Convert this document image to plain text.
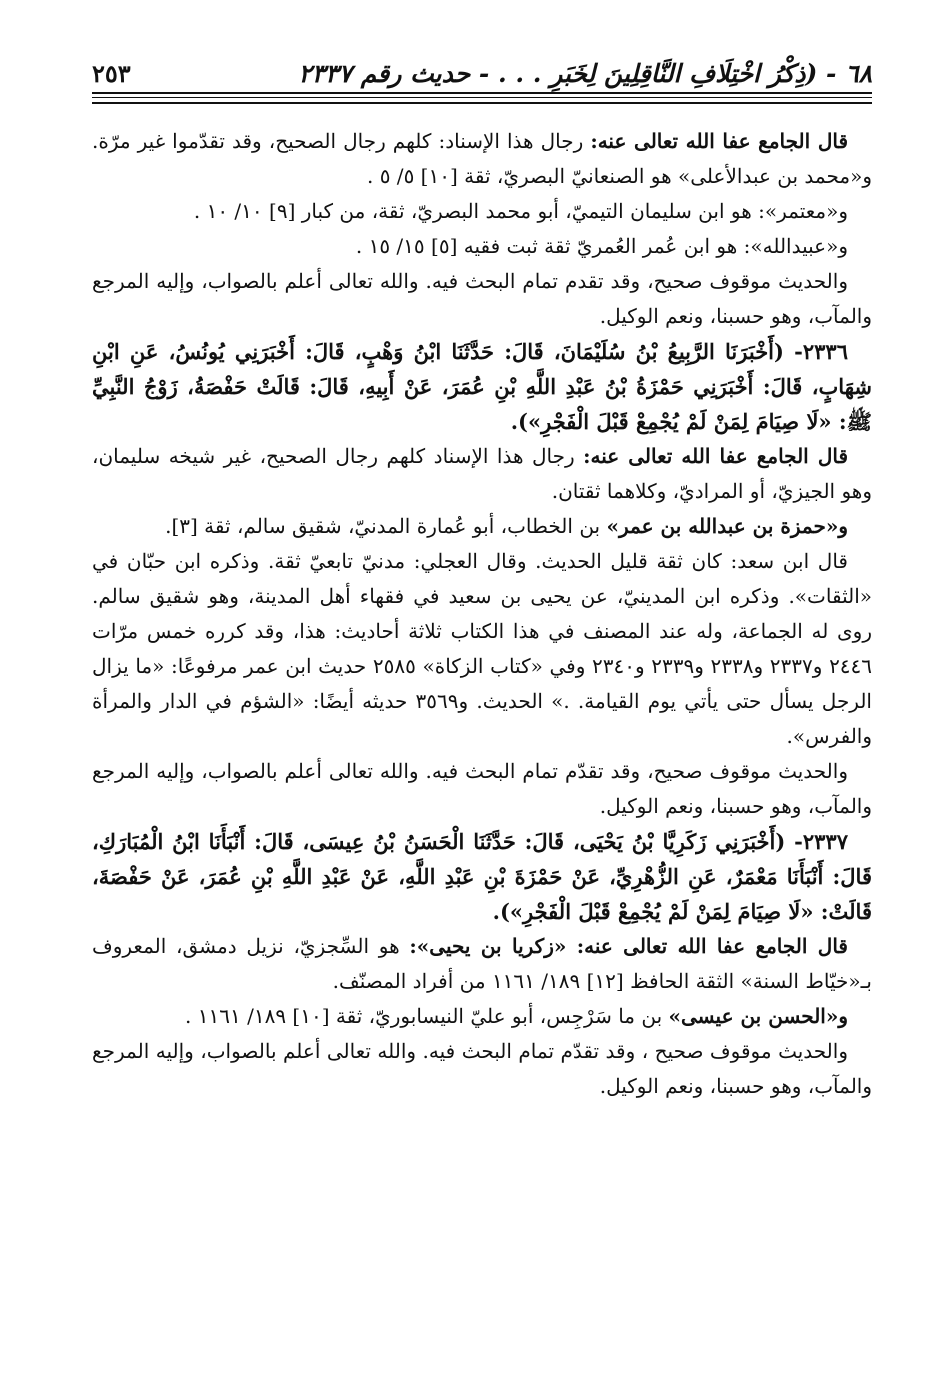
٦٨ - (ذِكْرُ اخْتِلَافِ النَّاقِلِينَ لِخَبَرِ . . . - حديث رقم ٢٣٣٧
٢٥٣

قال الجامع عفا الله تعالى عنه: رجال هذا الإسناد: كلهم رجال الصحيح، وقد تقدّموا غير مرّة. و«محمد بن عبدالأعلى» هو الصنعانيّ البصريّ، ثقة [١٠] ٥/ ٥ .

و«معتمر»: هو ابن سليمان التيميّ، أبو محمد البصريّ، ثقة، من كبار [٩] ١٠/ ١٠ .

و«عبيدالله»: هو ابن عُمر العُمريّ ثقة ثبت فقيه [٥] ١٥/ ١٥ .

والحديث موقوف صحيح، وقد تقدم تمام البحث فيه. والله تعالى أعلم بالصواب، وإليه المرجع والمآب، وهو حسبنا، ونعم الوكيل.

٢٣٣٦- (أَخْبَرَنَا الرَّبِيعُ بْنُ سُلَيْمَانَ، قَالَ: حَدَّثَنَا ابْنُ وَهْبٍ، قَالَ: أَخْبَرَنِي يُونُسُ، عَنِ ابْنِ شِهَابٍ، قَالَ: أَخْبَرَنِي حَمْزَةُ بْنُ عَبْدِ اللَّهِ بْنِ عُمَرَ، عَنْ أَبِيهِ، قَالَ: قَالَتْ حَفْصَةُ، زَوْجُ النَّبِيِّ ﷺ: «لَا صِيَامَ لِمَنْ لَمْ يُجْمِعْ قَبْلَ الْفَجْرِ»).

قال الجامع عفا الله تعالى عنه: رجال هذا الإسناد كلهم رجال الصحيح، غير شيخه سليمان، وهو الجيزيّ، أو المراديّ، وكلاهما ثقتان.

و«حمزة بن عبدالله بن عمر» بن الخطاب، أبو عُمارة المدنيّ، شقيق سالم، ثقة [٣].

قال ابن سعد: كان ثقة قليل الحديث. وقال العجلي: مدنيّ تابعيّ ثقة. وذكره ابن حبّان في «الثقات». وذكره ابن المدينيّ، عن يحيى بن سعيد في فقهاء أهل المدينة، وهو شقيق سالم. روى له الجماعة، وله عند المصنف في هذا الكتاب ثلاثة أحاديث: هذا، وقد كرره خمس مرّات ٢٤٤٦ و٢٣٣٧ و٢٣٣٨ و٢٣٣٩ و٢٣٤٠ وفي «كتاب الزكاة» ٢٥٨٥ حديث ابن عمر مرفوعًا: «ما يزال الرجل يسأل حتى يأتي يوم القيامة. .» الحديث. و٣٥٦٩ حديثه أيضًا: «الشؤم في الدار والمرأة والفرس».

والحديث موقوف صحيح، وقد تقدّم تمام البحث فيه. والله تعالى أعلم بالصواب، وإليه المرجع والمآب، وهو حسبنا، ونعم الوكيل.

٢٣٣٧- (أَخْبَرَنِي زَكَرِيَّا بْنُ يَحْيَى، قَالَ: حَدَّثَنَا الْحَسَنُ بْنُ عِيسَى، قَالَ: أَنْبَأَنَا ابْنُ الْمُبَارَكِ، قَالَ: أَنْبَأَنَا مَعْمَرٌ، عَنِ الزُّهْرِيِّ، عَنْ حَمْزَةَ بْنِ عَبْدِ اللَّهِ، عَنْ عَبْدِ اللَّهِ بْنِ عُمَرَ، عَنْ حَفْصَةَ، قَالَتْ: «لَا صِيَامَ لِمَنْ لَمْ يُجْمِعْ قَبْلَ الْفَجْرِ»).

قال الجامع عفا الله تعالى عنه: «زكريا بن يحيى»: هو السِّجزيّ، نزيل دمشق، المعروف بـ«خيّاط السنة» الثقة الحافظ [١٢] ١٨٩/ ١١٦١ من أفراد المصنّف.

و«الحسن بن عيسى» بن ما سَرْجِس، أبو عليّ النيسابوريّ، ثقة [١٠] ١٨٩/ ١١٦١ .

والحديث موقوف صحيح ، وقد تقدّم تمام البحث فيه. والله تعالى أعلم بالصواب، وإليه المرجع والمآب، وهو حسبنا، ونعم الوكيل.
